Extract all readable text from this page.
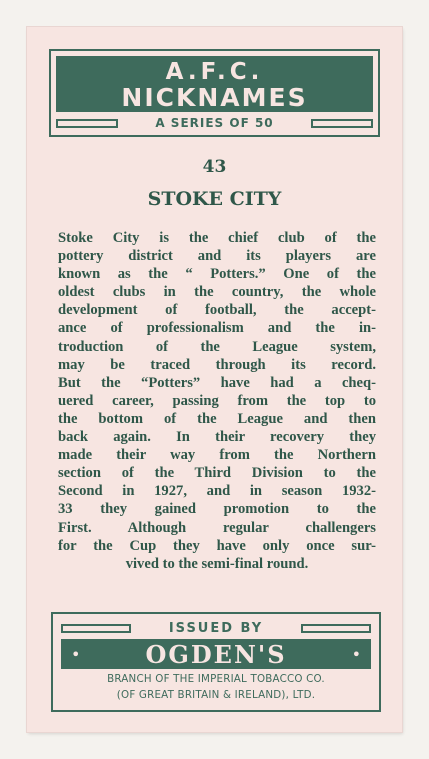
A.F.C.
NICKNAMES
A SERIES OF 50
43
STOKE CITY
Stoke City is the chief club of the
pottery district and its players are
known as the “ Potters.” One of the
oldest clubs in the country, the whole
development of football, the accept-
ance of professionalism and the in-
troduction of the League system,
may be traced through its record.
But the “Potters” have had a cheq-
uered career, passing from the top to
the bottom of the League and then
back again. In their recovery they
made their way from the Northern
section of the Third Division to the
Second in 1927, and in season 1932-
33 they gained promotion to the
First. Although regular challengers
for the Cup they have only once sur-
vived to the semi-final round.
ISSUED BY
•	OGDEN'S	•
BRANCH OF THE IMPERIAL TOBACCO CO.
(OF GREAT BRITAIN & IRELAND), LTD.
